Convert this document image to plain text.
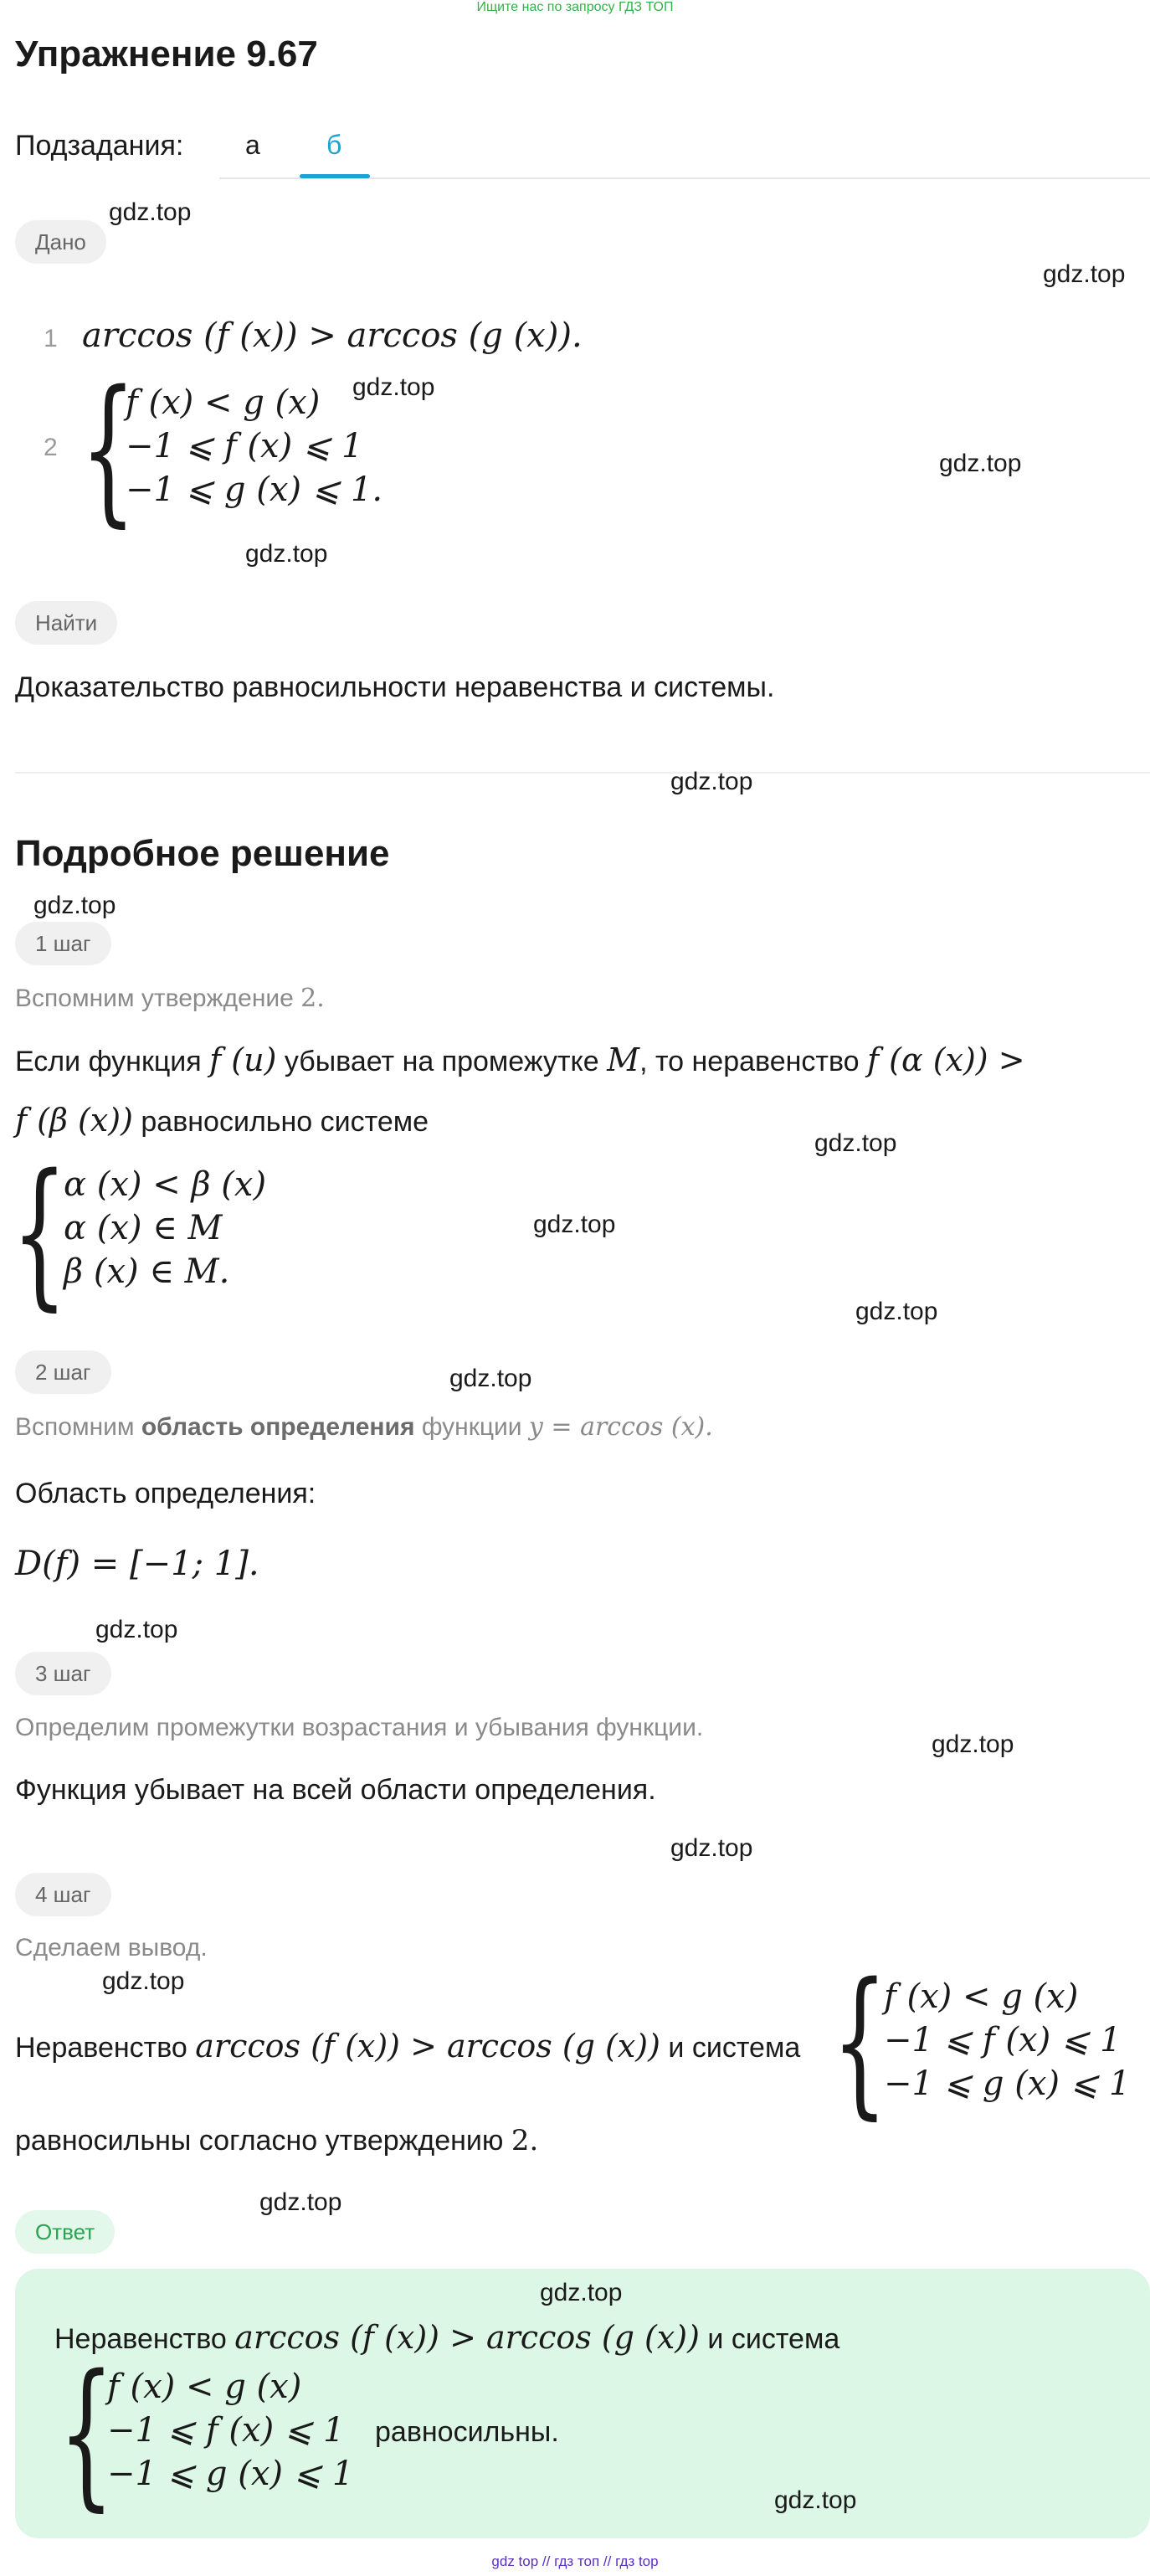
Ищите нас по запросу ГДЗ ТОП
Упражнение 9.67
Подзадания: а б
Дано
1 arccos (f (x)) > arccos (g (x)).
2 {
f (x) < g (x)
−1 ⩽ f (x) ⩽ 1
−1 ⩽ g (x) ⩽ 1.
Найти
Доказательство равносильности неравенства и системы.
Подробное решение
1 шаг
Вспомним утверждение 2.
Если функция f (u) убывает на промежутке M, то неравенство f (α (x)) >
f (β (x)) равносильно системе
{
α (x) < β (x)
α (x) ∈ M
β (x) ∈ M.
2 шаг
Вспомним область определения функции y = arccos (x).
Область определения:
D(f) = [−1; 1].
3 шаг
Определим промежутки возрастания и убывания функции.
Функция убывает на всей области определения.
4 шаг
Сделаем вывод.
Неравенство arccos (f (x)) > arccos (g (x)) и система {
f (x) < g (x)
−1 ⩽ f (x) ⩽ 1
−1 ⩽ g (x) ⩽ 1
равносильны согласно утверждению 2.
Ответ
Неравенство arccos (f (x)) > arccos (g (x)) и система
{
f (x) < g (x)
−1 ⩽ f (x) ⩽ 1
−1 ⩽ g (x) ⩽ 1
равносильны.
gdz.top
gdz.top
gdz.top
gdz.top
gdz.top
gdz.top
gdz.top
gdz.top
gdz.top
gdz.top
gdz.top
gdz.top
gdz.top
gdz.top
gdz.top
gdz.top
gdz.top
gdz.top
gdz top // гдз топ // гдз top
